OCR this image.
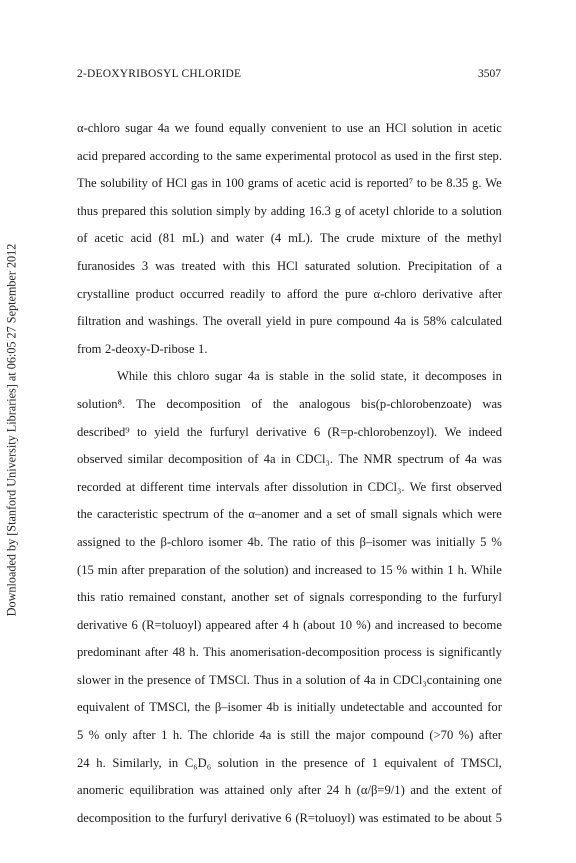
2-DEOXYRIBOSYL CHLORIDE	3507
Downloaded by [Stanford University Libraries] at 06:05 27 September 2012
α-chloro sugar 4a we found equally convenient to use an HCl solution in acetic
acid prepared according to the same experimental protocol as used in the first step.
The solubility of HCl gas in 100 grams of acetic acid is reported⁷ to be 8.35 g. We
thus prepared this solution simply by adding 16.3 g of acetyl chloride to a solution
of acetic acid (81 mL) and water (4 mL). The crude mixture of the methyl
furanosides 3 was treated with this HCl saturated solution. Precipitation of a
crystalline product occurred readily to afford the pure α-chloro derivative after
filtration and washings. The overall yield in pure compound 4a is 58% calculated
from 2-deoxy-D-ribose 1.
While this chloro sugar 4a is stable in the solid state, it decomposes in
solution⁸. The decomposition of the analogous bis(p-chlorobenzoate) was
described⁹ to yield the furfuryl derivative 6 (R=p-chlorobenzoyl). We indeed
observed similar decomposition of 4a in CDCl₃. The NMR spectrum of 4a was
recorded at different time intervals after dissolution in CDCl₃. We first observed
the caracteristic spectrum of the α–anomer and a set of small signals which were
assigned to the β-chloro isomer 4b. The ratio of this β–isomer was initially 5 %
(15 min after preparation of the solution) and increased to 15 % within 1 h. While
this ratio remained constant, another set of signals corresponding to the furfuryl
derivative 6 (R=toluoyl) appeared after 4 h (about 10 %) and increased to become
predominant after 48 h. This anomerisation-decomposition process is significantly
slower in the presence of TMSCl. Thus in a solution of 4a in CDCl₃containing one
equivalent of TMSCl, the β–isomer 4b is initially undetectable and accounted for
5 % only after 1 h. The chloride 4a is still the major compound (>70 %) after
24 h. Similarly, in C₆D₆ solution in the presence of 1 equivalent of TMSCl,
anomeric equilibration was attained only after 24 h (α/β=9/1) and the extent of
decomposition to the furfuryl derivative 6 (R=toluoyl) was estimated to be about 5
